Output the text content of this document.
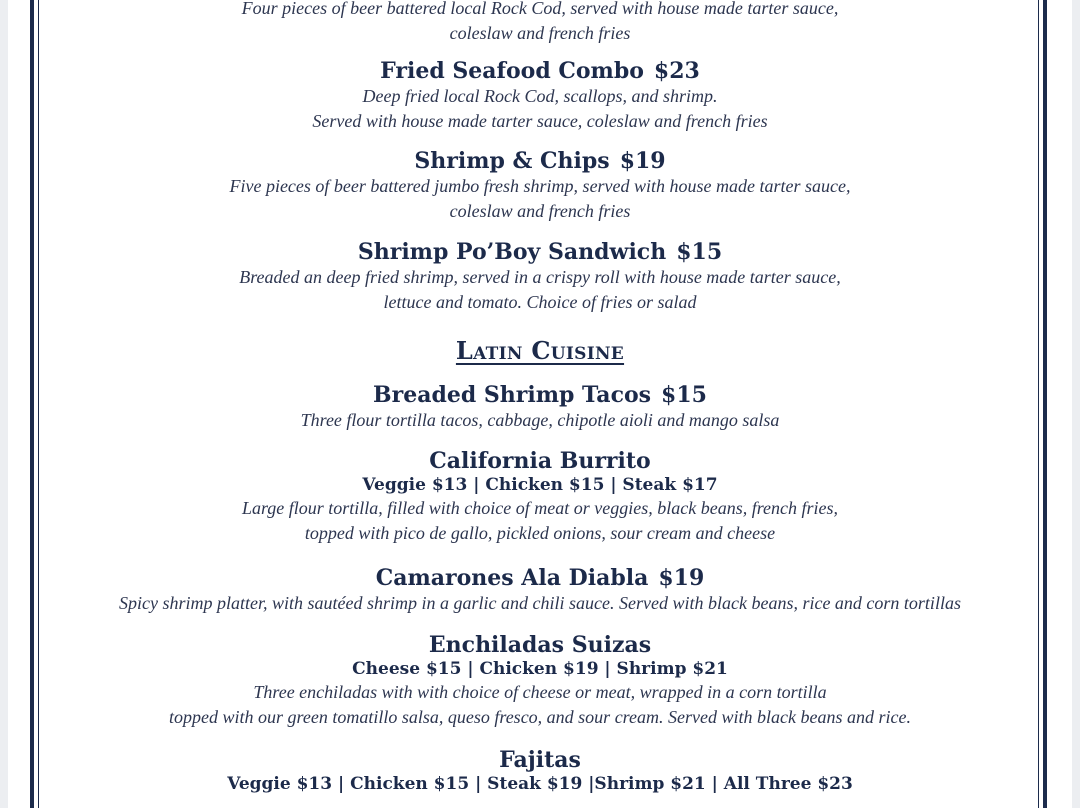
Four pieces of beer battered local Rock Cod, served with house made tarter sauce,
coleslaw and french fries
Fried Seafood Combo $23
Deep fried local Rock Cod, scallops, and shrimp.
Served with house made tarter sauce, coleslaw and french fries
Shrimp & Chips $19
Five pieces of beer battered jumbo fresh shrimp, served with house made tarter sauce,
coleslaw and french fries
Shrimp Po’Boy Sandwich $15
Breaded an deep fried shrimp, served in a crispy roll with house made tarter sauce,
lettuce and tomato. Choice of fries or salad
Latin Cuisine
Breaded Shrimp Tacos $15
Three flour tortilla tacos, cabbage, chipotle aioli and mango salsa
California Burrito
Veggie $13 | Chicken $15 | Steak $17
Large flour tortilla, filled with choice of meat or veggies, black beans, french fries,
topped with pico de gallo, pickled onions, sour cream and cheese
Camarones Ala Diabla $19
Spicy shrimp platter, with sautéed shrimp in a garlic and chili sauce. Served with black beans, rice and corn tortillas
Enchiladas Suizas
Cheese $15 | Chicken $19 | Shrimp $21
Three enchiladas with with choice of cheese or meat, wrapped in a corn tortilla
topped with our green tomatillo salsa, queso fresco, and sour cream. Served with black beans and rice.
Fajitas
Veggie $13 | Chicken $15 | Steak $19 |Shrimp $21 | All Three $23
